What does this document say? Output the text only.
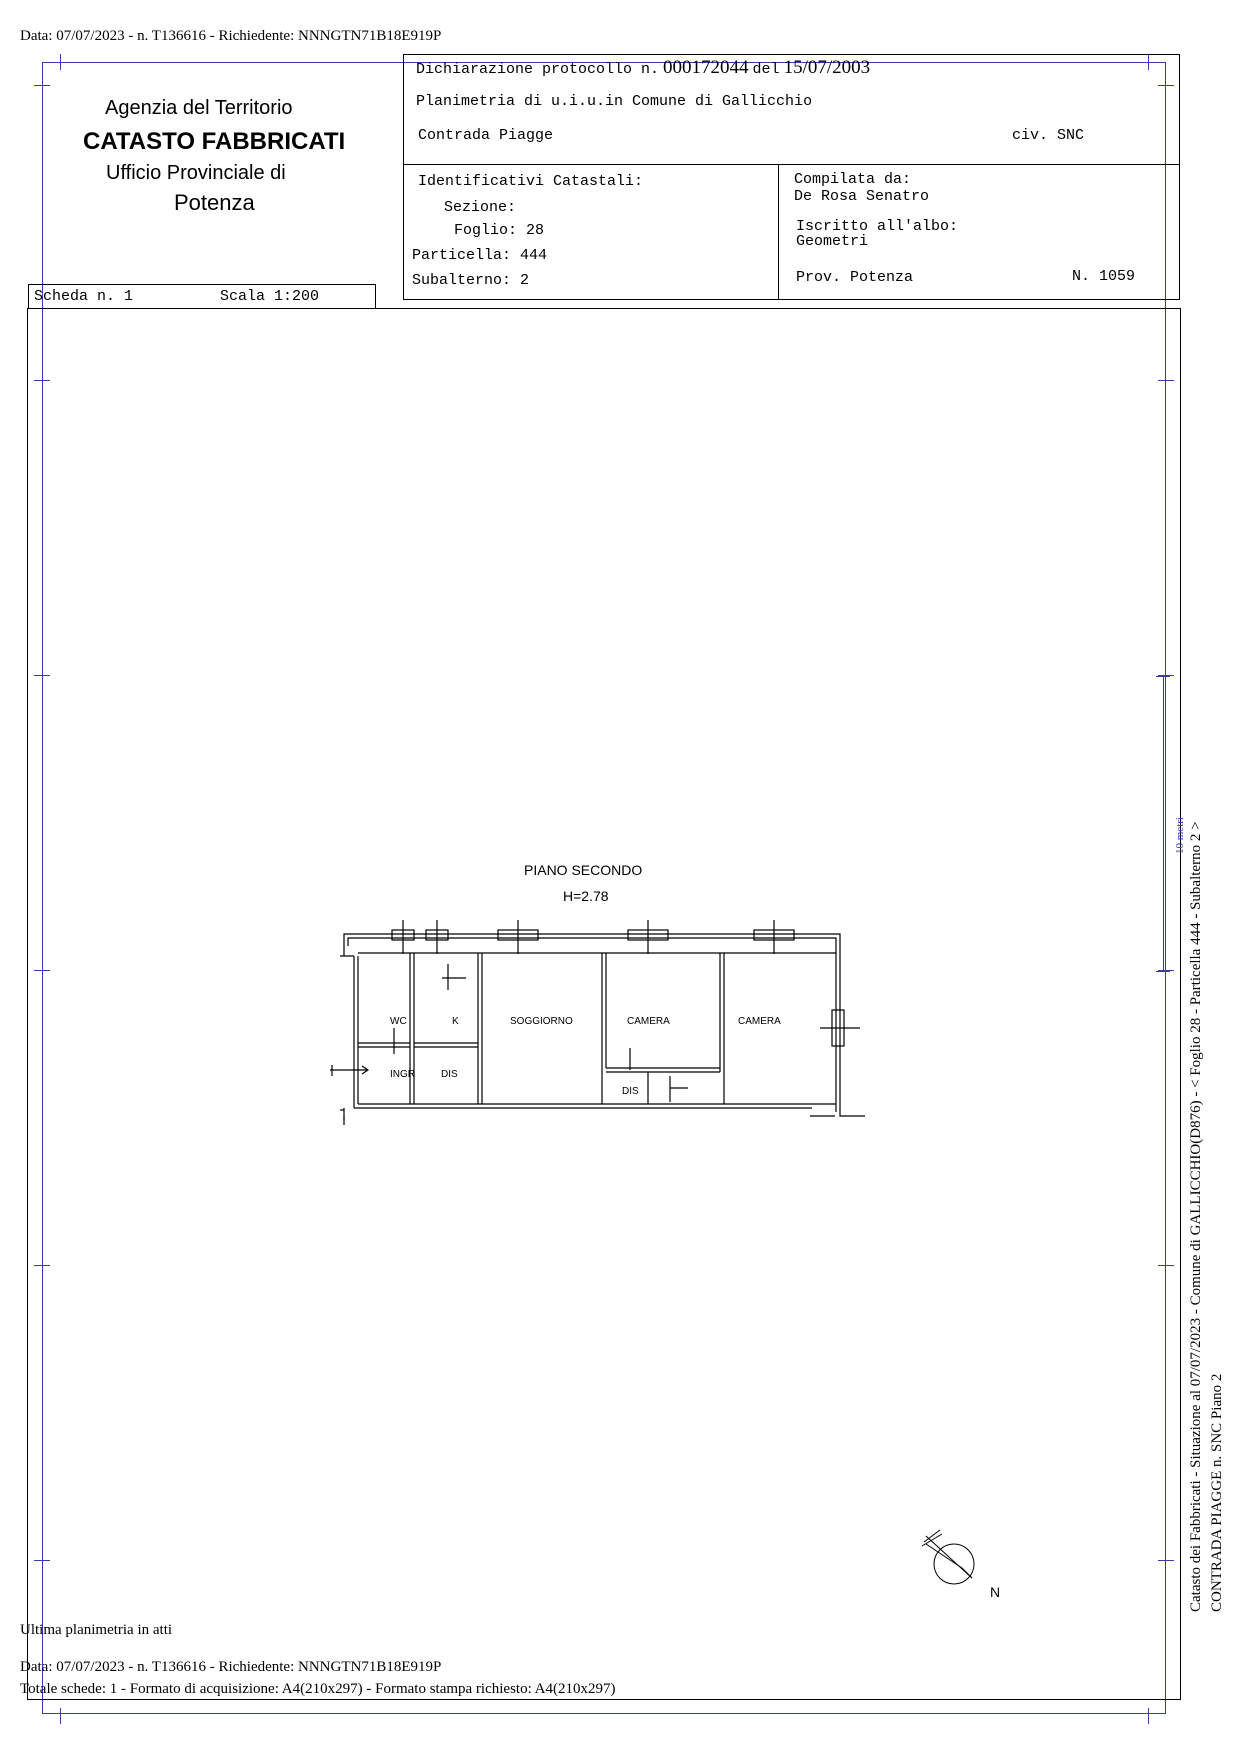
Data: 07/07/2023 - n. T136616 - Richiedente: NNNGTN71B18E919P
Agenzia del Territorio
CATASTO FABBRICATI
Ufficio Provinciale di
Potenza
Dichiarazione protocollo n. 000172044 del 15/07/2003
Planimetria di u.i.u.in Comune di Gallicchio
Contrada Piagge	civ. SNC
Identificativi Catastali:
Sezione:
Foglio: 28
Particella: 444
Subalterno: 2
Compilata da:
De Rosa Senatro
Iscritto all'albo:
Geometri
Prov. Potenza	N. 1059
Scheda n. 1	Scala 1:200
PIANO SECONDO
H=2.78
WC	K	SOGGIORNO	CAMERA	CAMERA
INGR	DIS
DIS
N
10 metri Catasto dei Fabbricati - Situazione al 07/07/2023 - Comune di GALLICCHIO(D876) - < Foglio 28 - Particella 444 - Subalterno 2 > CONTRADA PIAGGE n. SNC Piano 2
Ultima planimetria in atti
Data: 07/07/2023 - n. T136616 - Richiedente: NNNGTN71B18E919P
Totale schede: 1 - Formato di acquisizione: A4(210x297) - Formato stampa richiesto: A4(210x297)
